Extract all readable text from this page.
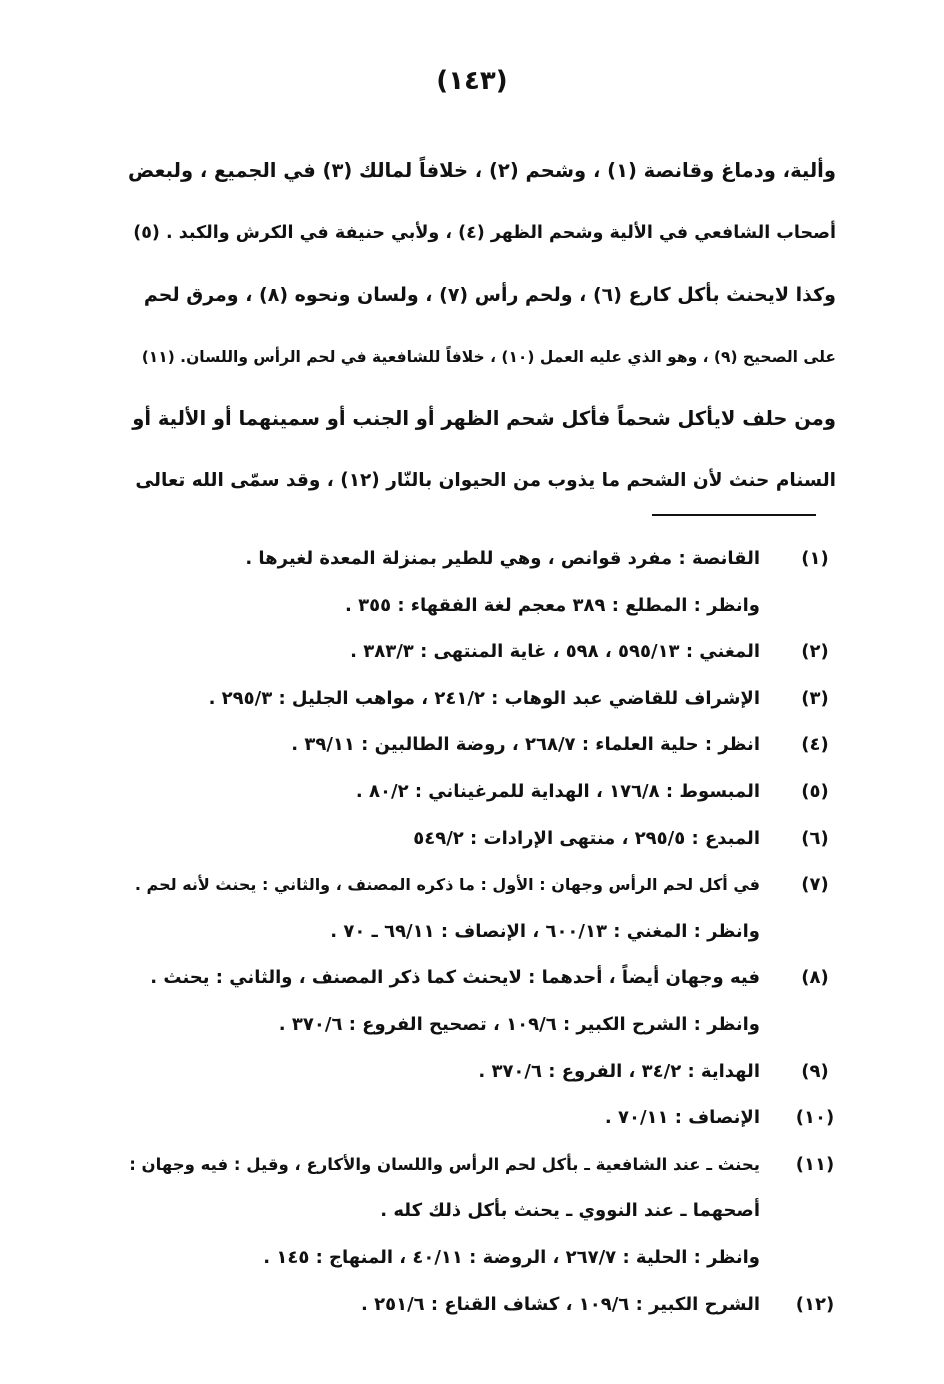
(١٤٣)
وألية، ودماغ وقانصة (١) ، وشحم (٢) ، خلافاً لمالك (٣) في الجميع ، ولبعض
أصحاب الشافعي في الألية وشحم الظهر (٤) ، ولأبي حنيفة في الكرش والكبد . (٥)
وكذا لايحنث بأكل كارع (٦) ، ولحم رأس (٧) ، ولسان ونحوه (٨) ، ومرق لحم
على الصحيح (٩) ، وهو الذي عليه العمل (١٠) ، خلافاً للشافعية في لحم الرأس واللسان. (١١)
ومن حلف لايأكل شحماً فأكل شحم الظهر أو الجنب أو سمينهما أو الألية أو
السنام حنث لأن الشحم ما يذوب من الحيوان بالنّار (١٢) ، وقد سمّى الله تعالى
(١)
القانصة : مفرد قوانص ، وهي للطير بمنزلة المعدة لغيرها .
وانظر : المطلع : ٣٨٩ معجم لغة الفقهاء : ٣٥٥ .
(٢)
المغني : ٥٩٥/١٣ ، ٥٩٨ ، غاية المنتهى : ٣٨٣/٣ .
(٣)
الإشراف للقاضي عبد الوهاب : ٢٤١/٢ ، مواهب الجليل : ٢٩٥/٣ .
(٤)
انظر : حلية العلماء : ٢٦٨/٧ ، روضة الطالبين : ٣٩/١١ .
(٥)
المبسوط : ١٧٦/٨ ، الهداية للمرغيناني : ٨٠/٢ .
(٦)
المبدع : ٢٩٥/٥ ، منتهى الإرادات : ٥٤٩/٢
(٧)
في أكل لحم الرأس وجهان : الأول : ما ذكره المصنف ، والثاني : يحنث لأنه لحم .
وانظر : المغني : ٦٠٠/١٣ ، الإنصاف : ٦٩/١١ ـ ٧٠ .
(٨)
فيه وجهان أيضاً ، أحدهما : لايحنث كما ذكر المصنف ، والثاني : يحنث .
وانظر : الشرح الكبير : ١٠٩/٦ ، تصحيح الفروع : ٣٧٠/٦ .
(٩)
الهداية : ٣٤/٢ ، الفروع : ٣٧٠/٦ .
(١٠)
الإنصاف : ٧٠/١١ .
(١١)
يحنث ـ عند الشافعية ـ بأكل لحم الرأس واللسان والأكارع ، وقيل : فيه وجهان :
أصحهما ـ عند النووي ـ يحنث بأكل ذلك كله .
وانظر : الحلية : ٢٦٧/٧ ، الروضة : ٤٠/١١ ، المنهاج : ١٤٥ .
(١٢)
الشرح الكبير : ١٠٩/٦ ، كشاف القناع : ٢٥١/٦ .
